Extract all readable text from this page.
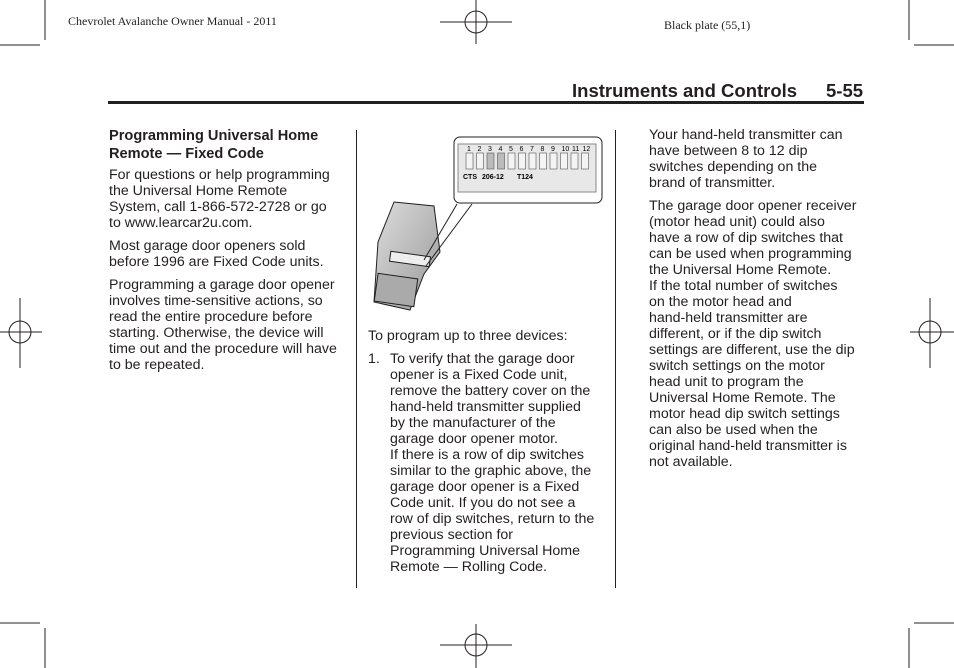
Chevrolet Avalanche Owner Manual - 2011	Black plate (55,1)
Instruments and Controls 5-55
Programming Universal Home
Remote — Fixed Code

For questions or help programming
the Universal Home Remote
System, call 1-866-572-2728 or go
to www.learcar2u.com.

Most garage door openers sold
before 1996 are Fixed Code units.

Programming a garage door opener
involves time-sensitive actions, so
read the entire procedure before
starting. Otherwise, the device will
time out and the procedure will have
to be repeated.

1 2 3 4 5 6 7 8 9 10 11 12
CTS 206-12 T124

To program up to three devices:

1. To verify that the garage door
opener is a Fixed Code unit,
remove the battery cover on the
hand-held transmitter supplied
by the manufacturer of the
garage door opener motor.
If there is a row of dip switches
similar to the graphic above, the
garage door opener is a Fixed
Code unit. If you do not see a
row of dip switches, return to the
previous section for
Programming Universal Home
Remote — Rolling Code.

Your hand-held transmitter can
have between 8 to 12 dip
switches depending on the
brand of transmitter.

The garage door opener receiver
(motor head unit) could also
have a row of dip switches that
can be used when programming
the Universal Home Remote.
If the total number of switches
on the motor head and
hand-held transmitter are
different, or if the dip switch
settings are different, use the dip
switch settings on the motor
head unit to program the
Universal Home Remote. The
motor head dip switch settings
can also be used when the
original hand-held transmitter is
not available.
